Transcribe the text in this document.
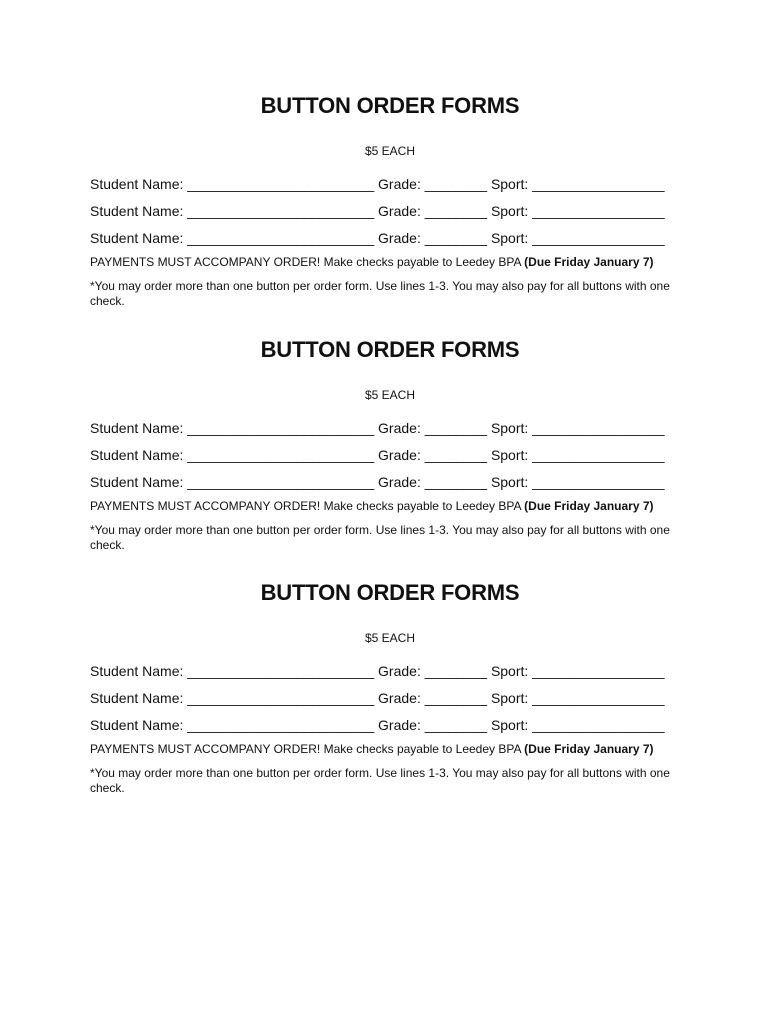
BUTTON ORDER FORMS
$5 EACH
Student Name: ________________________ Grade: ________ Sport: _________________
Student Name: ________________________ Grade: ________ Sport: _________________
Student Name: ________________________ Grade: ________ Sport: _________________
PAYMENTS MUST ACCOMPANY ORDER! Make checks payable to Leedey BPA (Due Friday January 7)
*You may order more than one button per order form. Use lines 1-3. You may also pay for all buttons with one check.
BUTTON ORDER FORMS
$5 EACH
Student Name: ________________________ Grade: ________ Sport: _________________
Student Name: ________________________ Grade: ________ Sport: _________________
Student Name: ________________________ Grade: ________ Sport: _________________
PAYMENTS MUST ACCOMPANY ORDER! Make checks payable to Leedey BPA (Due Friday January 7)
*You may order more than one button per order form. Use lines 1-3. You may also pay for all buttons with one check.
BUTTON ORDER FORMS
$5 EACH
Student Name: ________________________ Grade: ________ Sport: _________________
Student Name: ________________________ Grade: ________ Sport: _________________
Student Name: ________________________ Grade: ________ Sport: _________________
PAYMENTS MUST ACCOMPANY ORDER! Make checks payable to Leedey BPA (Due Friday January 7)
*You may order more than one button per order form. Use lines 1-3. You may also pay for all buttons with one check.
